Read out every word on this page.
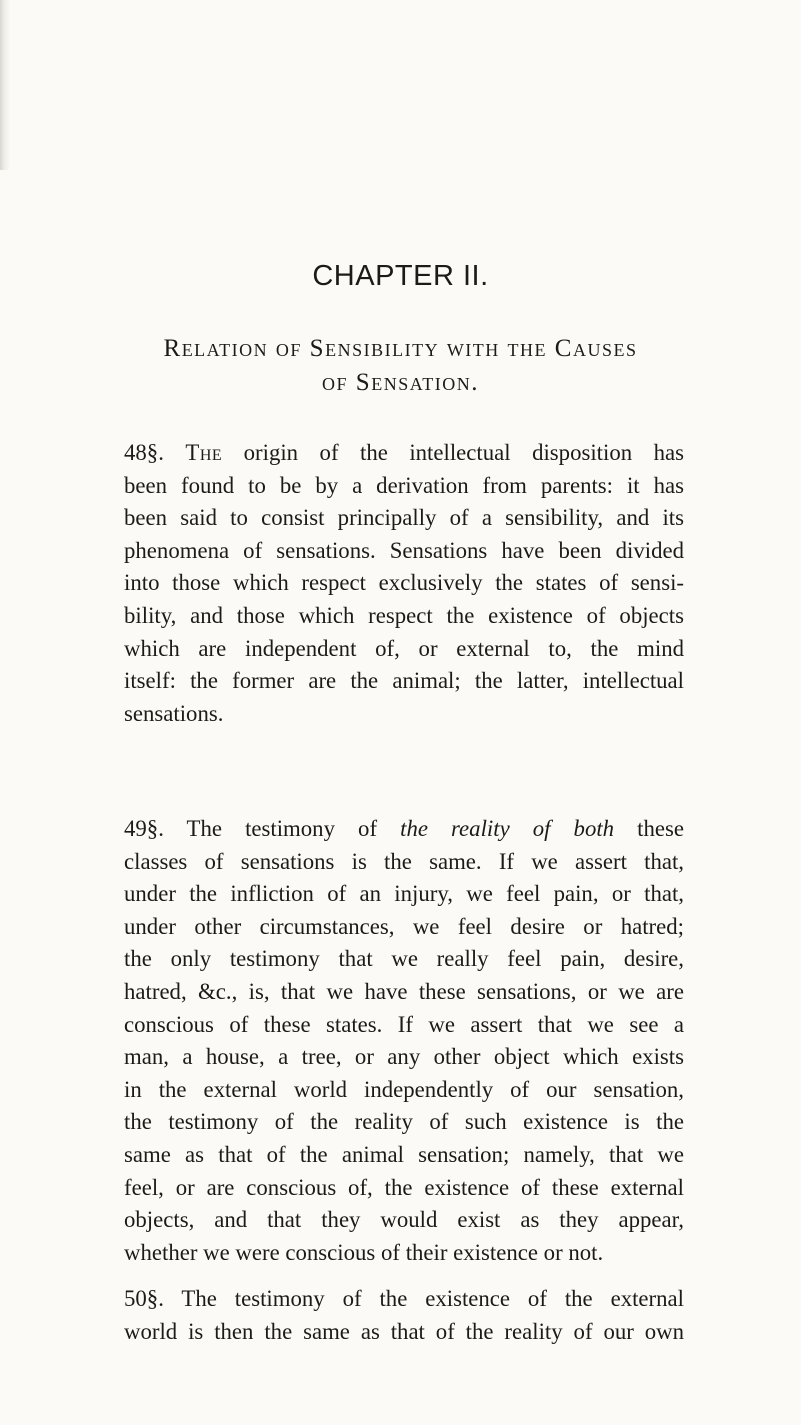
CHAPTER II.
Relation of Sensibility with the Causes
of Sensation.
48§. The origin of the intellectual disposition has
been found to be by a derivation from parents: it has
been said to consist principally of a sensibility, and its
phenomena of sensations. Sensations have been divided
into those which respect exclusively the states of sensi-
bility, and those which respect the existence of objects
which are independent of, or external to, the mind
itself: the former are the animal; the latter, intellectual
sensations.
49§. The testimony of the reality of both these
classes of sensations is the same. If we assert that,
under the infliction of an injury, we feel pain, or that,
under other circumstances, we feel desire or hatred;
the only testimony that we really feel pain, desire,
hatred, &c., is, that we have these sensations, or we are
conscious of these states. If we assert that we see a
man, a house, a tree, or any other object which exists
in the external world independently of our sensation,
the testimony of the reality of such existence is the
same as that of the animal sensation; namely, that we
feel, or are conscious of, the existence of these external
objects, and that they would exist as they appear,
whether we were conscious of their existence or not.
50§. The testimony of the existence of the external
world is then the same as that of the reality of our own
